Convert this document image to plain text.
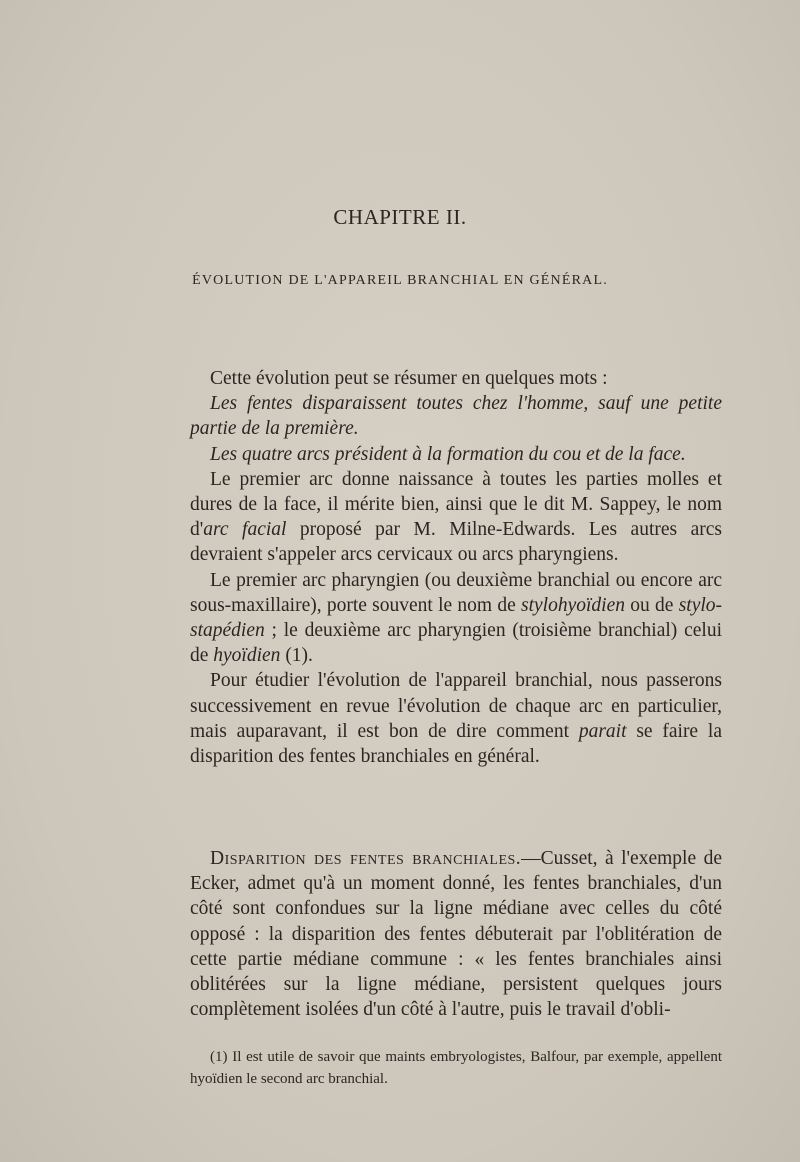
CHAPITRE II.
ÉVOLUTION DE L'APPAREIL BRANCHIAL EN GÉNÉRAL.

Cette évolution peut se résumer en quelques mots :

Les fentes disparaissent toutes chez l'homme, sauf une petite partie de la première.

Les quatre arcs président à la formation du cou et de la face.

Le premier arc donne naissance à toutes les parties molles et dures de la face, il mérite bien, ainsi que le dit M. Sappey, le nom d'arc facial proposé par M. Milne-Edwards. Les autres arcs devraient s'appeler arcs cervicaux ou arcs pharyngiens.

Le premier arc pharyngien (ou deuxième branchial ou encore arc sous-maxillaire), porte souvent le nom de stylohyoïdien ou de stylo-stapédien ; le deuxième arc pharyngien (troisième branchial) celui de hyoïdien (1).

Pour étudier l'évolution de l'appareil branchial, nous passerons successivement en revue l'évolution de chaque arc en particulier, mais auparavant, il est bon de dire comment parait se faire la disparition des fentes branchiales en général.

Disparition des fentes branchiales.—Cusset, à l'exemple de Ecker, admet qu'à un moment donné, les fentes branchiales, d'un côté sont confondues sur la ligne médiane avec celles du côté opposé : la disparition des fentes débuterait par l'oblitération de cette partie médiane commune : « les fentes branchiales ainsi oblitérées sur la ligne médiane, persistent quelques jours complètement isolées d'un côté à l'autre, puis le travail d'obli-

(1) Il est utile de savoir que maints embryologistes, Balfour, par exemple, appellent hyoïdien le second arc branchial.
